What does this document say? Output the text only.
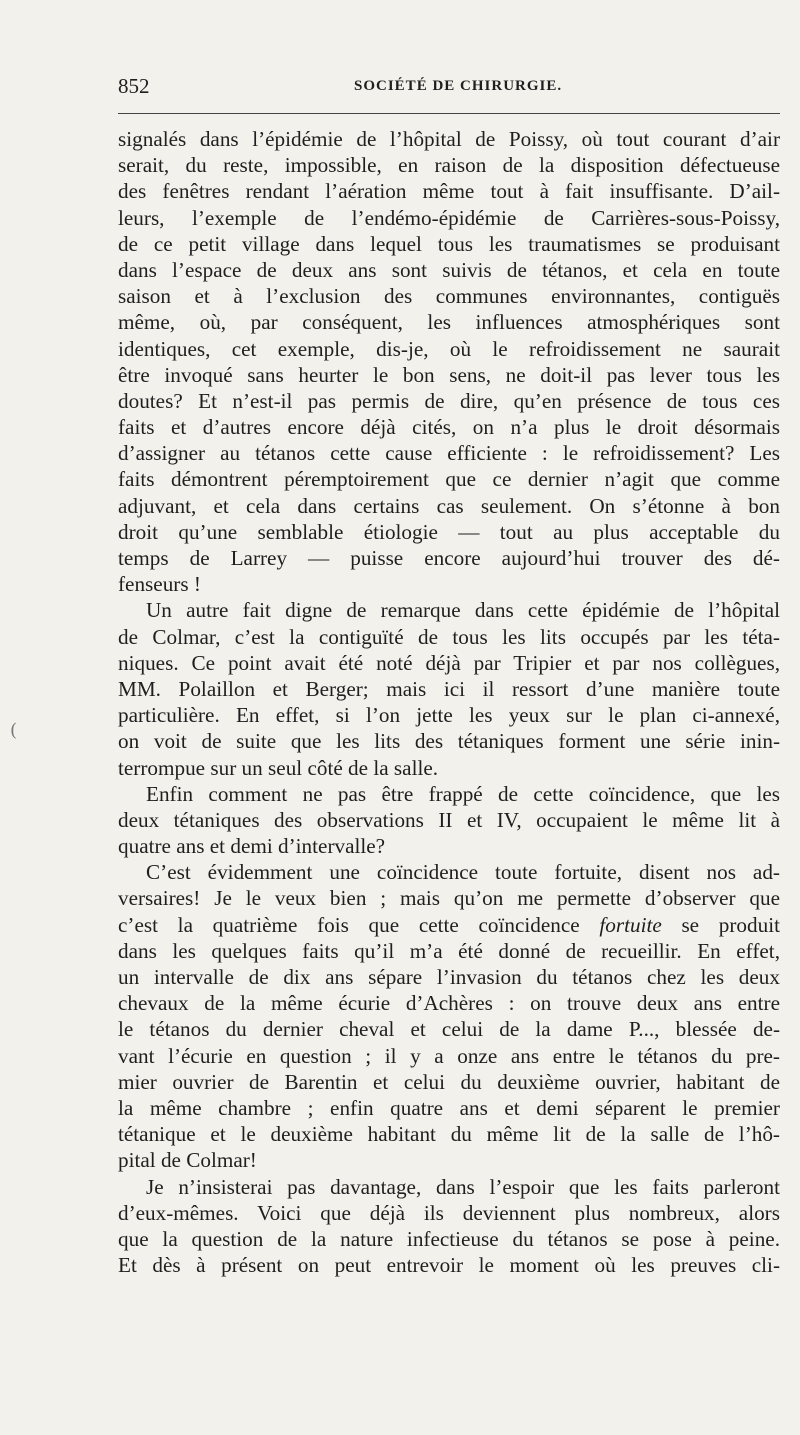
852	SOCIÉTÉ DE CHIRURGIE.
(
signalés dans l’épidémie de l’hôpital de Poissy, où tout courant d’air
serait, du reste, impossible, en raison de la disposition défectueuse
des fenêtres rendant l’aération même tout à fait insuffisante. D’ail-
leurs, l’exemple de l’endémo-épidémie de Carrières-sous-Poissy,
de ce petit village dans lequel tous les traumatismes se produisant
dans l’espace de deux ans sont suivis de tétanos, et cela en toute
saison et à l’exclusion des communes environnantes, contiguës
même, où, par conséquent, les influences atmosphériques sont
identiques, cet exemple, dis-je, où le refroidissement ne saurait
être invoqué sans heurter le bon sens, ne doit-il pas lever tous les
doutes? Et n’est-il pas permis de dire, qu’en présence de tous ces
faits et d’autres encore déjà cités, on n’a plus le droit désormais
d’assigner au tétanos cette cause efficiente : le refroidissement? Les
faits démontrent péremptoirement que ce dernier n’agit que comme
adjuvant, et cela dans certains cas seulement. On s’étonne à bon
droit qu’une semblable étiologie — tout au plus acceptable du
temps de Larrey — puisse encore aujourd’hui trouver des dé-
fenseurs !
Un autre fait digne de remarque dans cette épidémie de l’hôpital
de Colmar, c’est la contiguïté de tous les lits occupés par les téta-
niques. Ce point avait été noté déjà par Tripier et par nos collègues,
MM. Polaillon et Berger; mais ici il ressort d’une manière toute
particulière. En effet, si l’on jette les yeux sur le plan ci-annexé,
on voit de suite que les lits des tétaniques forment une série inin-
terrompue sur un seul côté de la salle.
Enfin comment ne pas être frappé de cette coïncidence, que les
deux tétaniques des observations II et IV, occupaient le même lit à
quatre ans et demi d’intervalle?
C’est évidemment une coïncidence toute fortuite, disent nos ad-
versaires! Je le veux bien ; mais qu’on me permette d’observer que
c’est la quatrième fois que cette coïncidence fortuite se produit
dans les quelques faits qu’il m’a été donné de recueillir. En effet,
un intervalle de dix ans sépare l’invasion du tétanos chez les deux
chevaux de la même écurie d’Achères : on trouve deux ans entre
le tétanos du dernier cheval et celui de la dame P..., blessée de-
vant l’écurie en question ; il y a onze ans entre le tétanos du pre-
mier ouvrier de Barentin et celui du deuxième ouvrier, habitant de
la même chambre ; enfin quatre ans et demi séparent le premier
tétanique et le deuxième habitant du même lit de la salle de l’hô-
pital de Colmar!
Je n’insisterai pas davantage, dans l’espoir que les faits parleront
d’eux-mêmes. Voici que déjà ils deviennent plus nombreux, alors
que la question de la nature infectieuse du tétanos se pose à peine.
Et dès à présent on peut entrevoir le moment où les preuves cli-
